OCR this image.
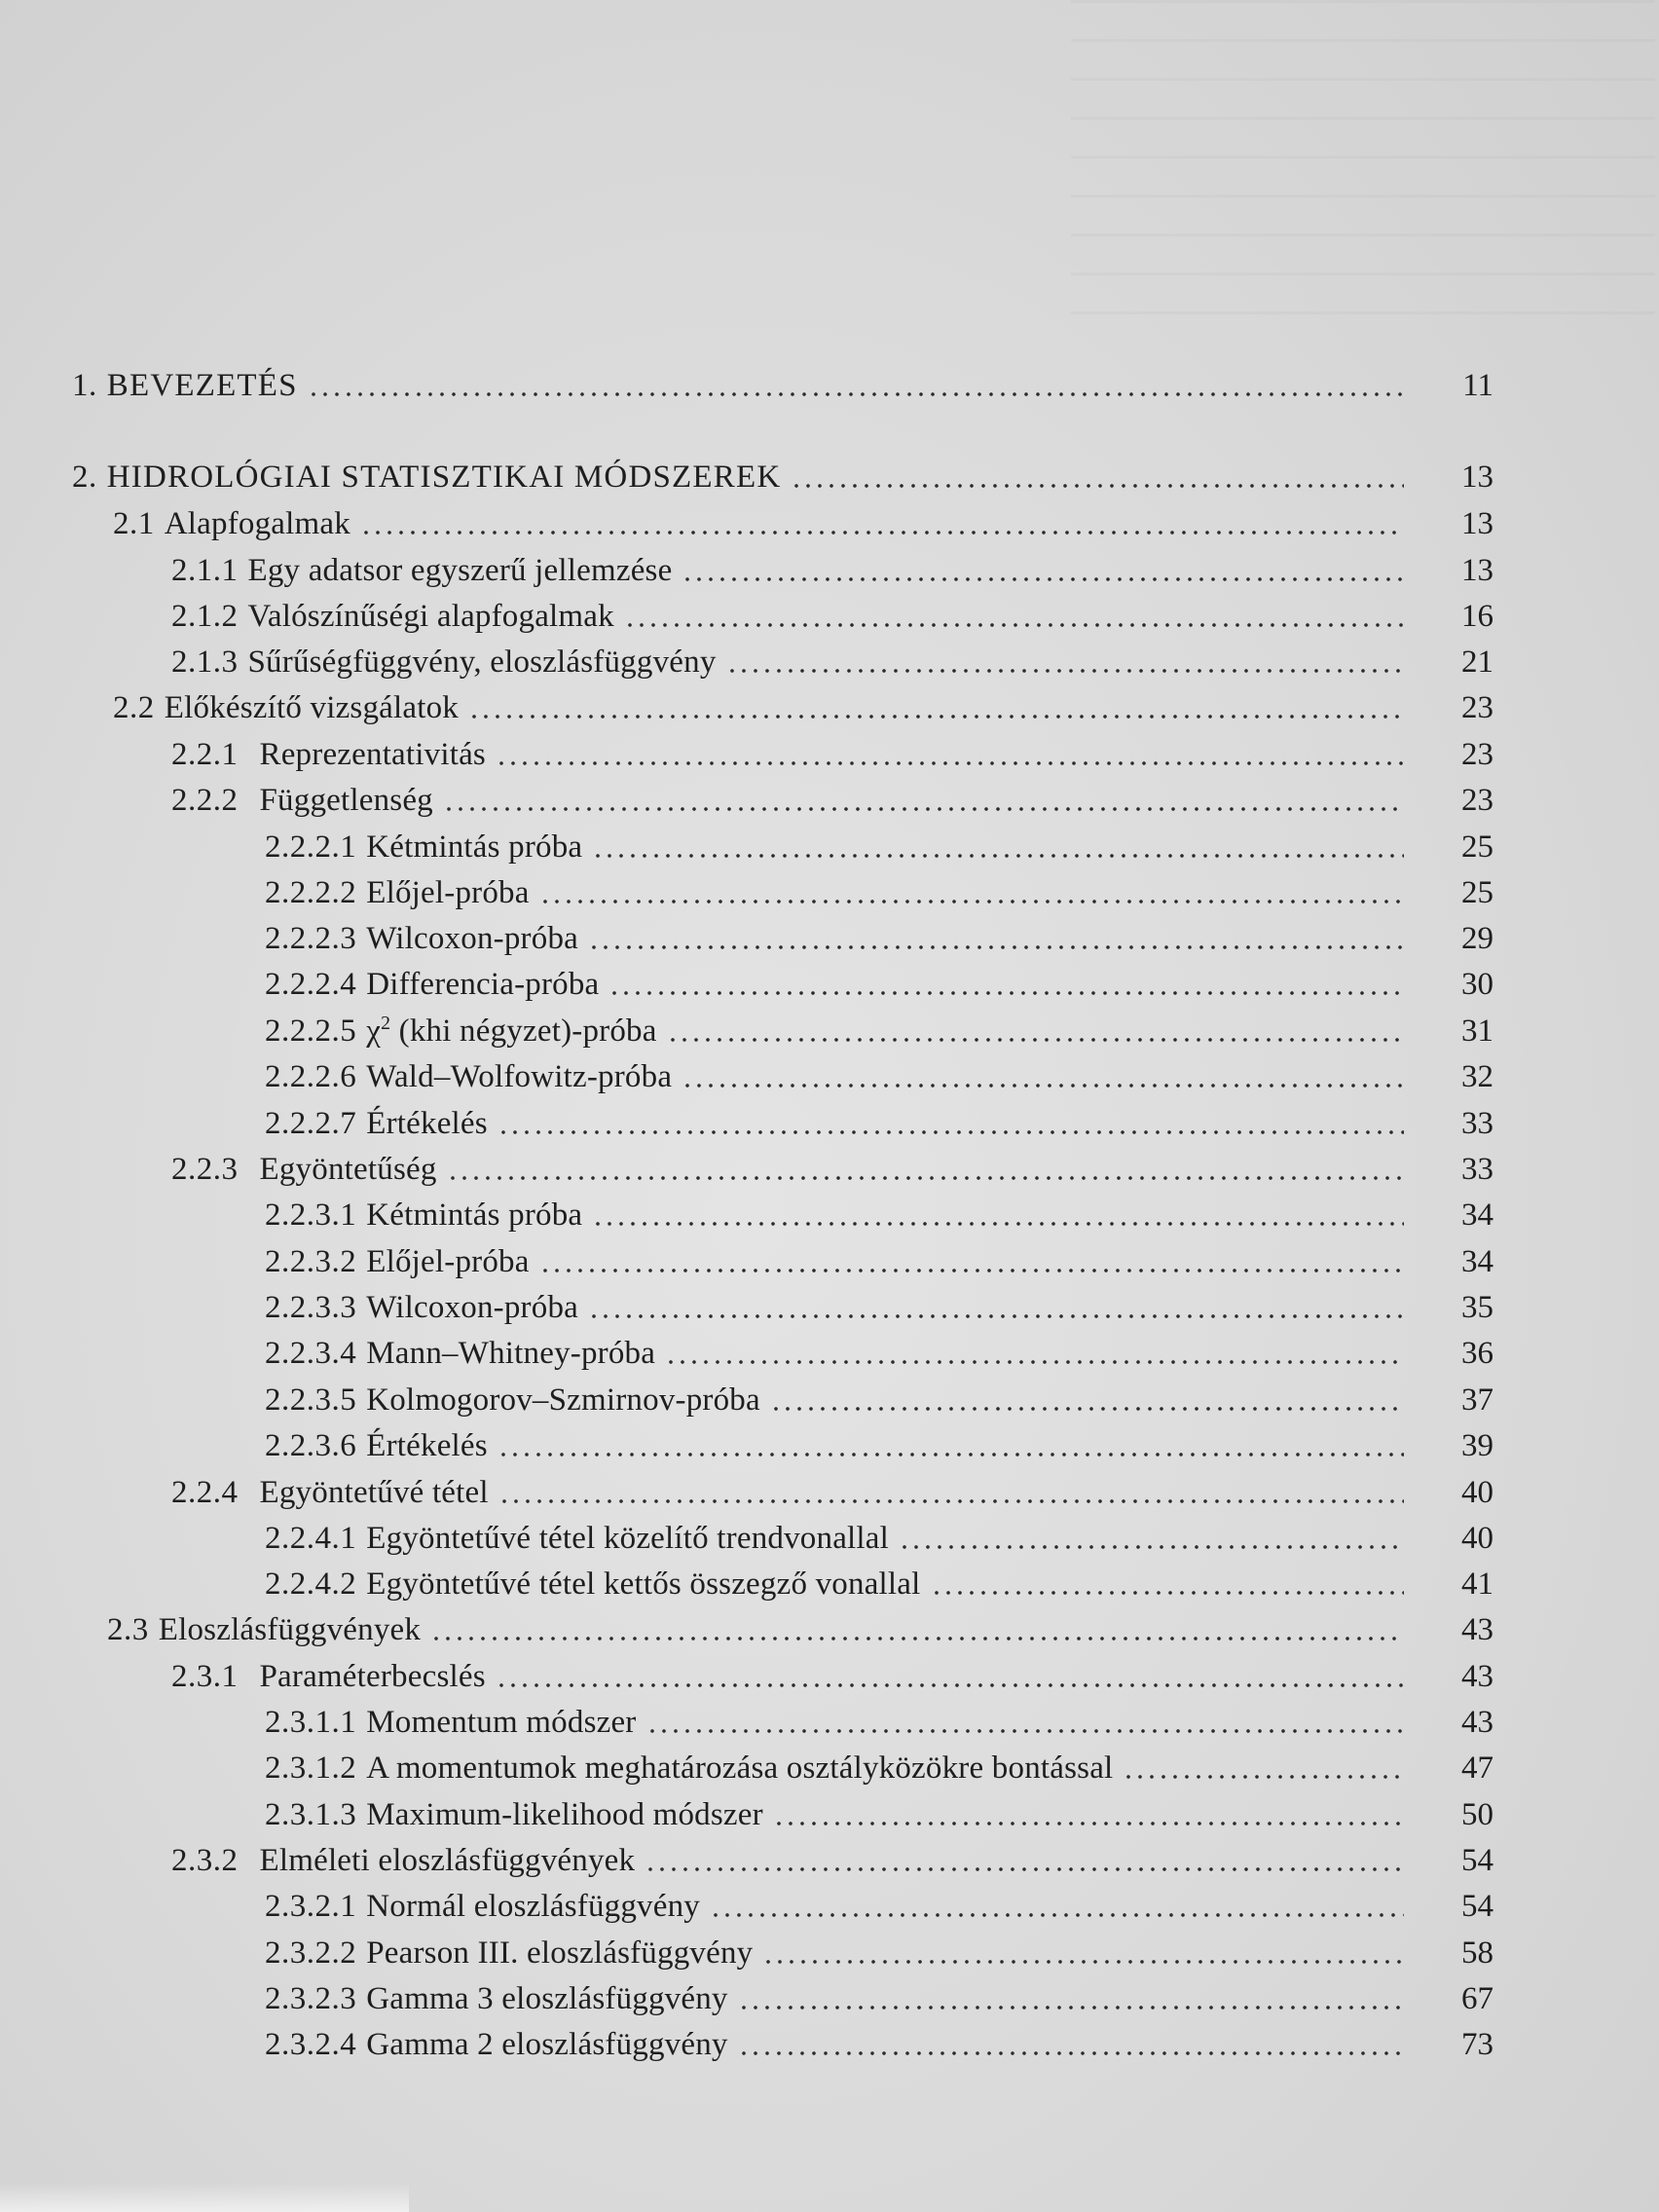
1. BEVEZETÉS	11
2. HIDROLÓGIAI STATISZTIKAI MÓDSZEREK	13
2.1 Alapfogalmak	13
2.1.1 Egy adatsor egyszerű jellemzése	13
2.1.2 Valószínűségi alapfogalmak	16
2.1.3 Sűrűségfüggvény, eloszlásfüggvény	21
2.2 Előkészítő vizsgálatok	23
2.2.1 Reprezentativitás	23
2.2.2 Függetlenség	23
2.2.2.1 Kétmintás próba	25
2.2.2.2 Előjel-próba	25
2.2.2.3 Wilcoxon-próba	29
2.2.2.4 Differencia-próba	30
2.2.2.5 $\chi^2$ (khi négyzet)-próba	31
2.2.2.6 Wald–Wolfowitz-próba	32
2.2.2.7 Értékelés	33
2.2.3 Egyöntetűség	33
2.2.3.1 Kétmintás próba	34
2.2.3.2 Előjel-próba	34
2.2.3.3 Wilcoxon-próba	35
2.2.3.4 Mann–Whitney-próba	36
2.2.3.5 Kolmogorov–Szmirnov-próba	37
2.2.3.6 Értékelés	39
2.2.4 Egyöntetűvé tétel	40
2.2.4.1 Egyöntetűvé tétel közelítő trendvonallal	40
2.2.4.2 Egyöntetűvé tétel kettős összegző vonallal	41
2.3 Eloszlásfüggvények	43
2.3.1 Paraméterbecslés	43
2.3.1.1 Momentum módszer	43
2.3.1.2 A momentumok meghatározása osztályközökre bontással	47
2.3.1.3 Maximum-likelihood módszer	50
2.3.2 Elméleti eloszlásfüggvények	54
2.3.2.1 Normál eloszlásfüggvény	54
2.3.2.2 Pearson III. eloszlásfüggvény	58
2.3.2.3 Gamma 3 eloszlásfüggvény	67
2.3.2.4 Gamma 2 eloszlásfüggvény	73
